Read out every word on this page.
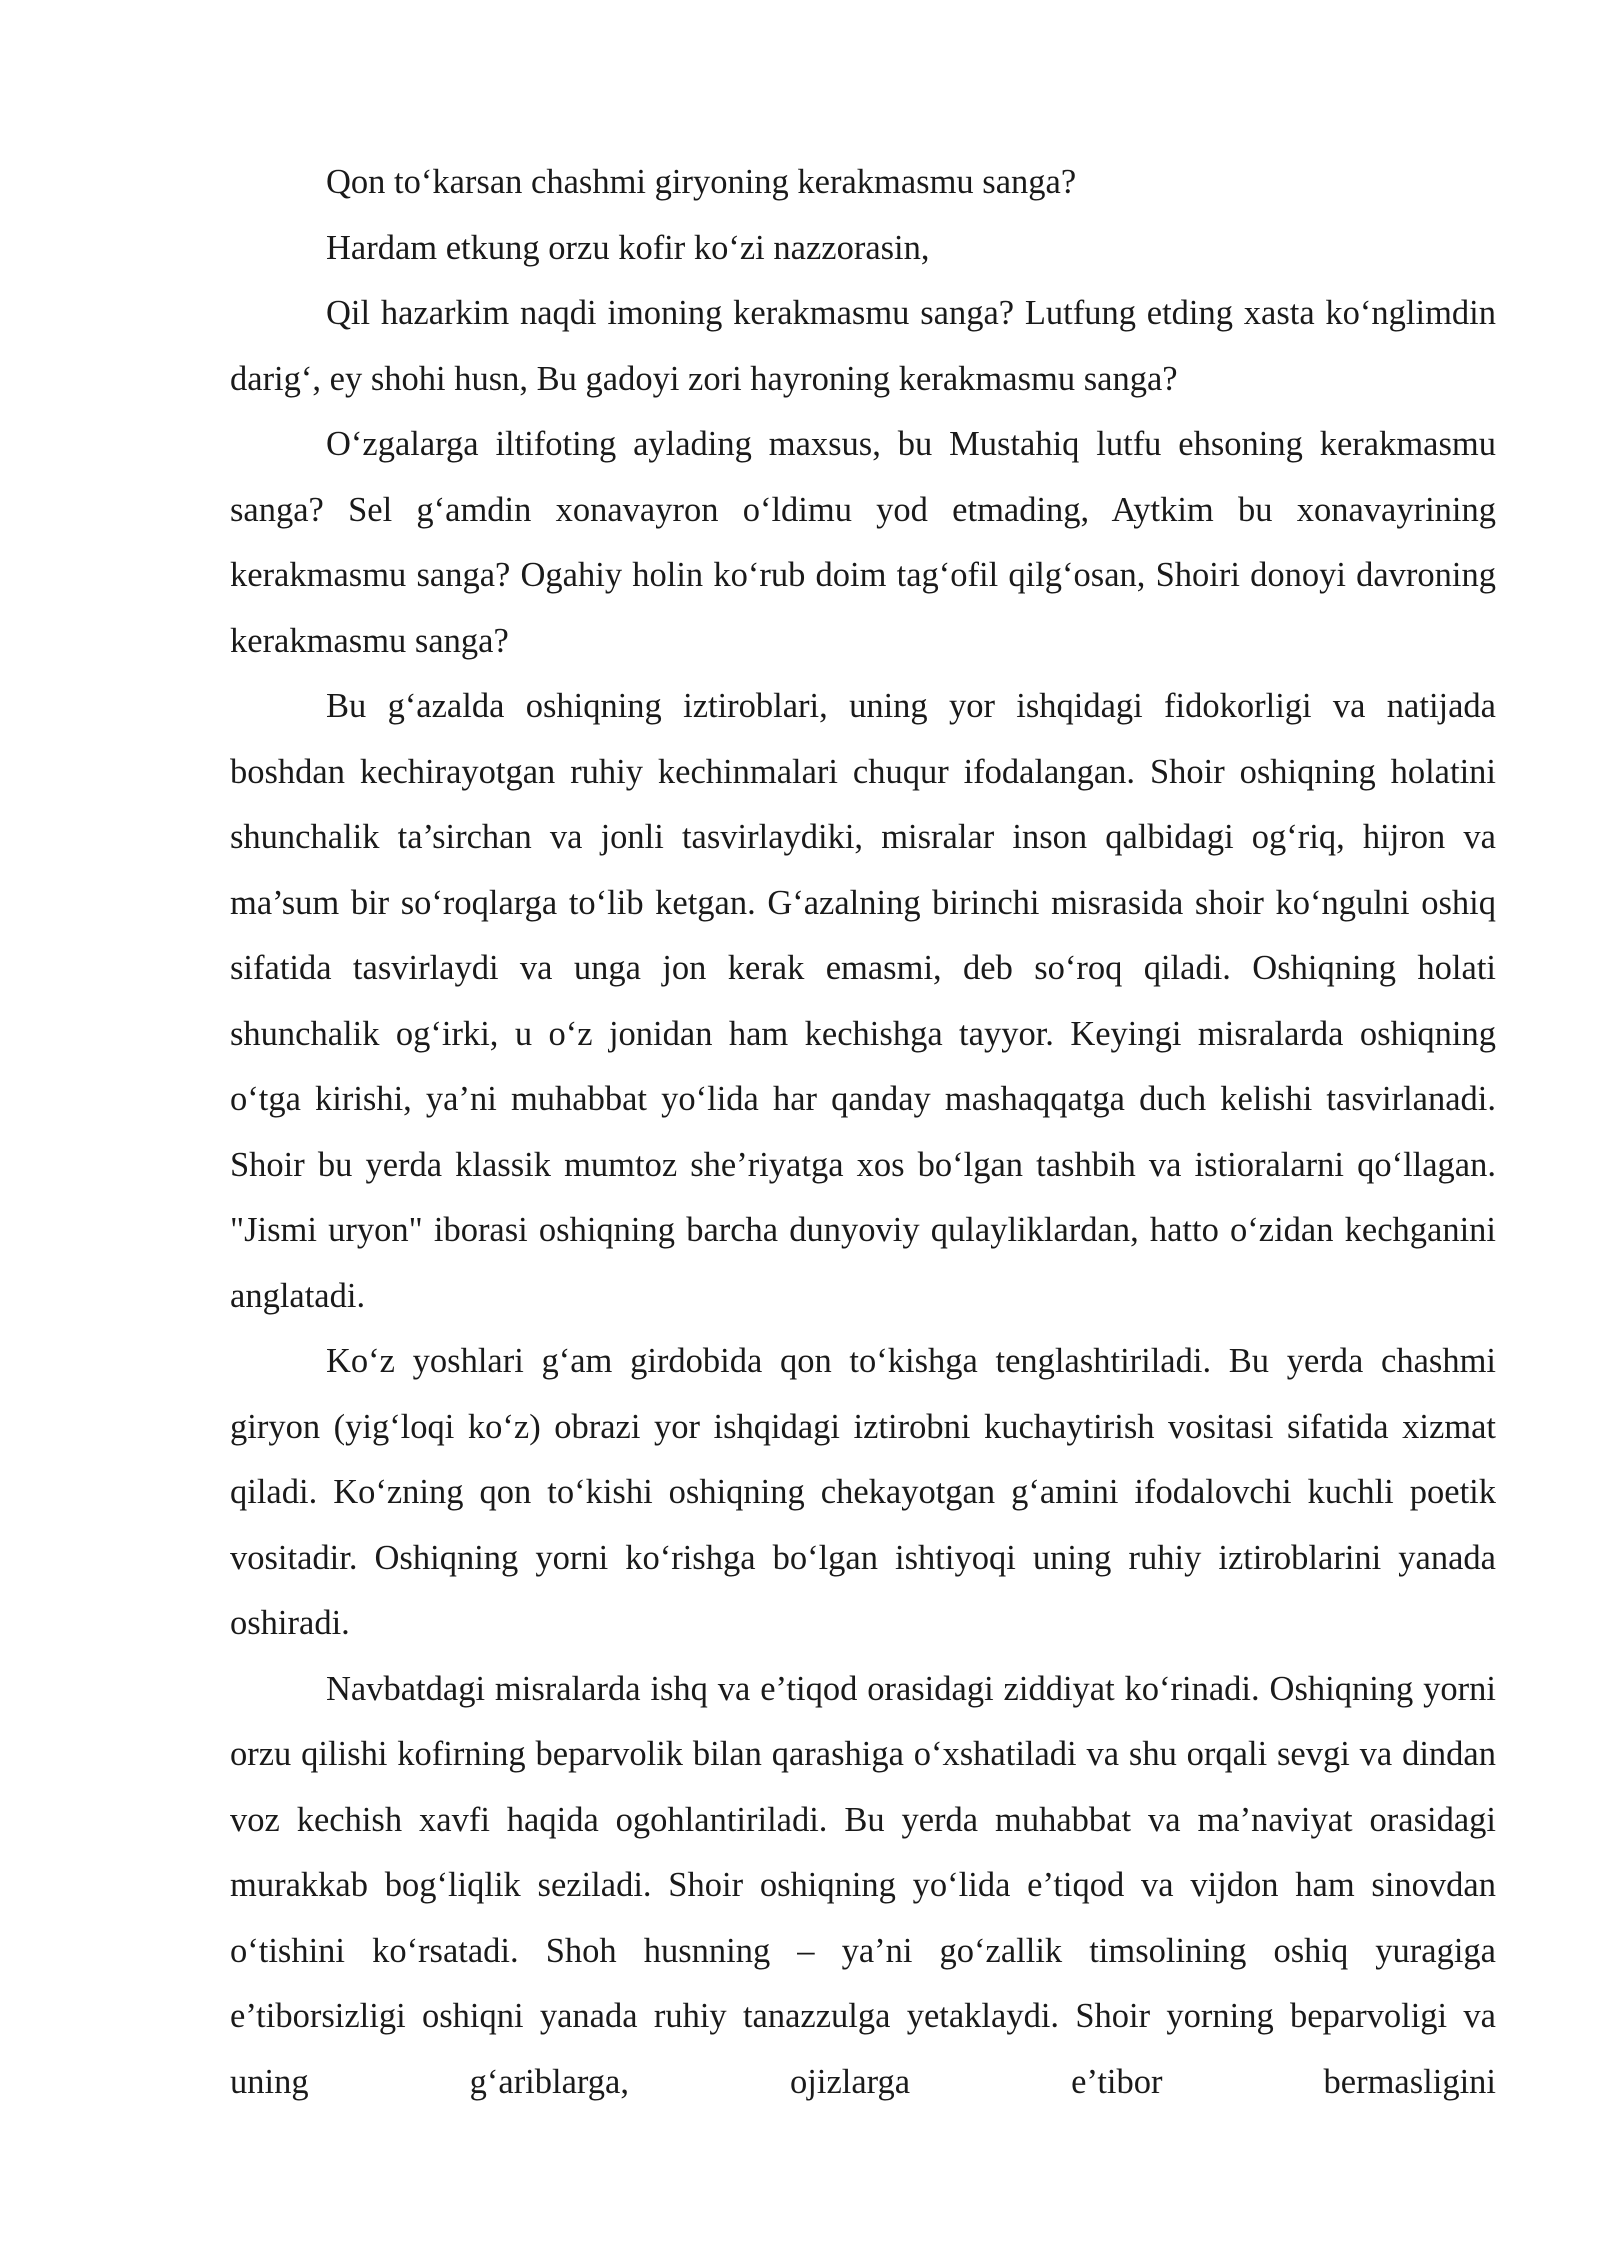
Qon to‘karsan chashmi giryoning kerakmasmu sanga?

Hardam etkung orzu kofir ko‘zi nazzorasin,

Qil hazarkim naqdi imoning kerakmasmu sanga? Lutfung etding xasta ko‘nglimdin darig‘, ey shohi husn, Bu gadoyi zori hayroning kerakmasmu sanga?

O‘zgalarga iltifoting aylading maxsus, bu Mustahiq lutfu ehsoning kerakmasmu sanga? Sel g‘amdin xonavayron o‘ldimu yod etmading, Aytkim bu xonavayrining kerakmasmu sanga? Ogahiy holin ko‘rub doim tag‘ofil qilg‘osan, Shoiri donoyi davroning kerakmasmu sanga?

Bu g‘azalda oshiqning iztiroblari, uning yor ishqidagi fidokorligi va natijada boshdan kechirayotgan ruhiy kechinmalari chuqur ifodalangan. Shoir oshiqning holatini shunchalik ta’sirchan va jonli tasvirlaydiki, misralar inson qalbidagi og‘riq, hijron va ma’sum bir so‘roqlarga to‘lib ketgan. G‘azalning birinchi misrasida shoir ko‘ngulni oshiq sifatida tasvirlaydi va unga jon kerak emasmi, deb so‘roq qiladi. Oshiqning holati shunchalik og‘irki, u o‘z jonidan ham kechishga tayyor. Keyingi misralarda oshiqning o‘tga kirishi, ya’ni muhabbat yo‘lida har qanday mashaqqatga duch kelishi tasvirlanadi. Shoir bu yerda klassik mumtoz she’riyatga xos bo‘lgan tashbih va istioralarni qo‘llagan. "Jismi uryon" iborasi oshiqning barcha dunyoviy qulayliklardan, hatto o‘zidan kechganini anglatadi.

Ko‘z yoshlari g‘am girdobida qon to‘kishga tenglashtiriladi. Bu yerda chashmi giryon (yig‘loqi ko‘z) obrazi yor ishqidagi iztirobni kuchaytirish vositasi sifatida xizmat qiladi. Ko‘zning qon to‘kishi oshiqning chekayotgan g‘amini ifodalovchi kuchli poetik vositadir. Oshiqning yorni ko‘rishga bo‘lgan ishtiyoqi uning ruhiy iztiroblarini yanada oshiradi.

Navbatdagi misralarda ishq va e’tiqod orasidagi ziddiyat ko‘rinadi. Oshiqning yorni orzu qilishi kofirning beparvolik bilan qarashiga o‘xshatiladi va shu orqali sevgi va dindan voz kechish xavfi haqida ogohlantiriladi. Bu yerda muhabbat va ma’naviyat orasidagi murakkab bog‘liqlik seziladi. Shoir oshiqning yo‘lida e’tiqod va vijdon ham sinovdan o‘tishini ko‘rsatadi. Shoh husnning – ya’ni go‘zallik timsolining oshiq yuragiga e’tiborsizligi oshiqni yanada ruhiy tanazzulga yetaklaydi. Shoir yorning beparvoligi va uning g‘ariblarga, ojizlarga e’tibor bermasligini
